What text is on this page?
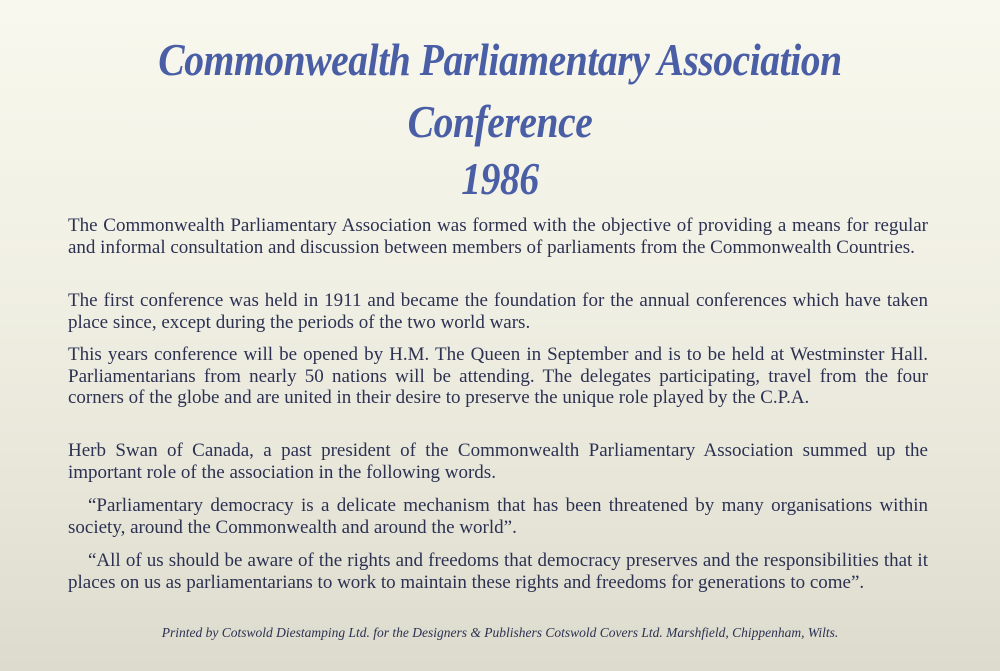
Commonwealth Parliamentary Association
Conference
1986

The Commonwealth Parliamentary Association was formed with the objective of providing a means for regular and informal consultation and discussion between members of parliaments from the Commonwealth Countries.

The first conference was held in 1911 and became the foundation for the annual conferences which have taken place since, except during the periods of the two world wars.

This years conference will be opened by H.M. The Queen in September and is to be held at Westminster Hall. Parliamentarians from nearly 50 nations will be attending. The delegates participating, travel from the four corners of the globe and are united in their desire to preserve the unique role played by the C.P.A.

Herb Swan of Canada, a past president of the Commonwealth Parliamentary Association summed up the important role of the association in the following words.

“Parliamentary democracy is a delicate mechanism that has been threatened by many organisations within society, around the Commonwealth and around the world”.

“All of us should be aware of the rights and freedoms that democracy preserves and the responsibilities that it places on us as parliamentarians to work to maintain these rights and freedoms for generations to come”.

Printed by Cotswold Diestamping Ltd. for the Designers & Publishers Cotswold Covers Ltd. Marshfield, Chippenham, Wilts.
